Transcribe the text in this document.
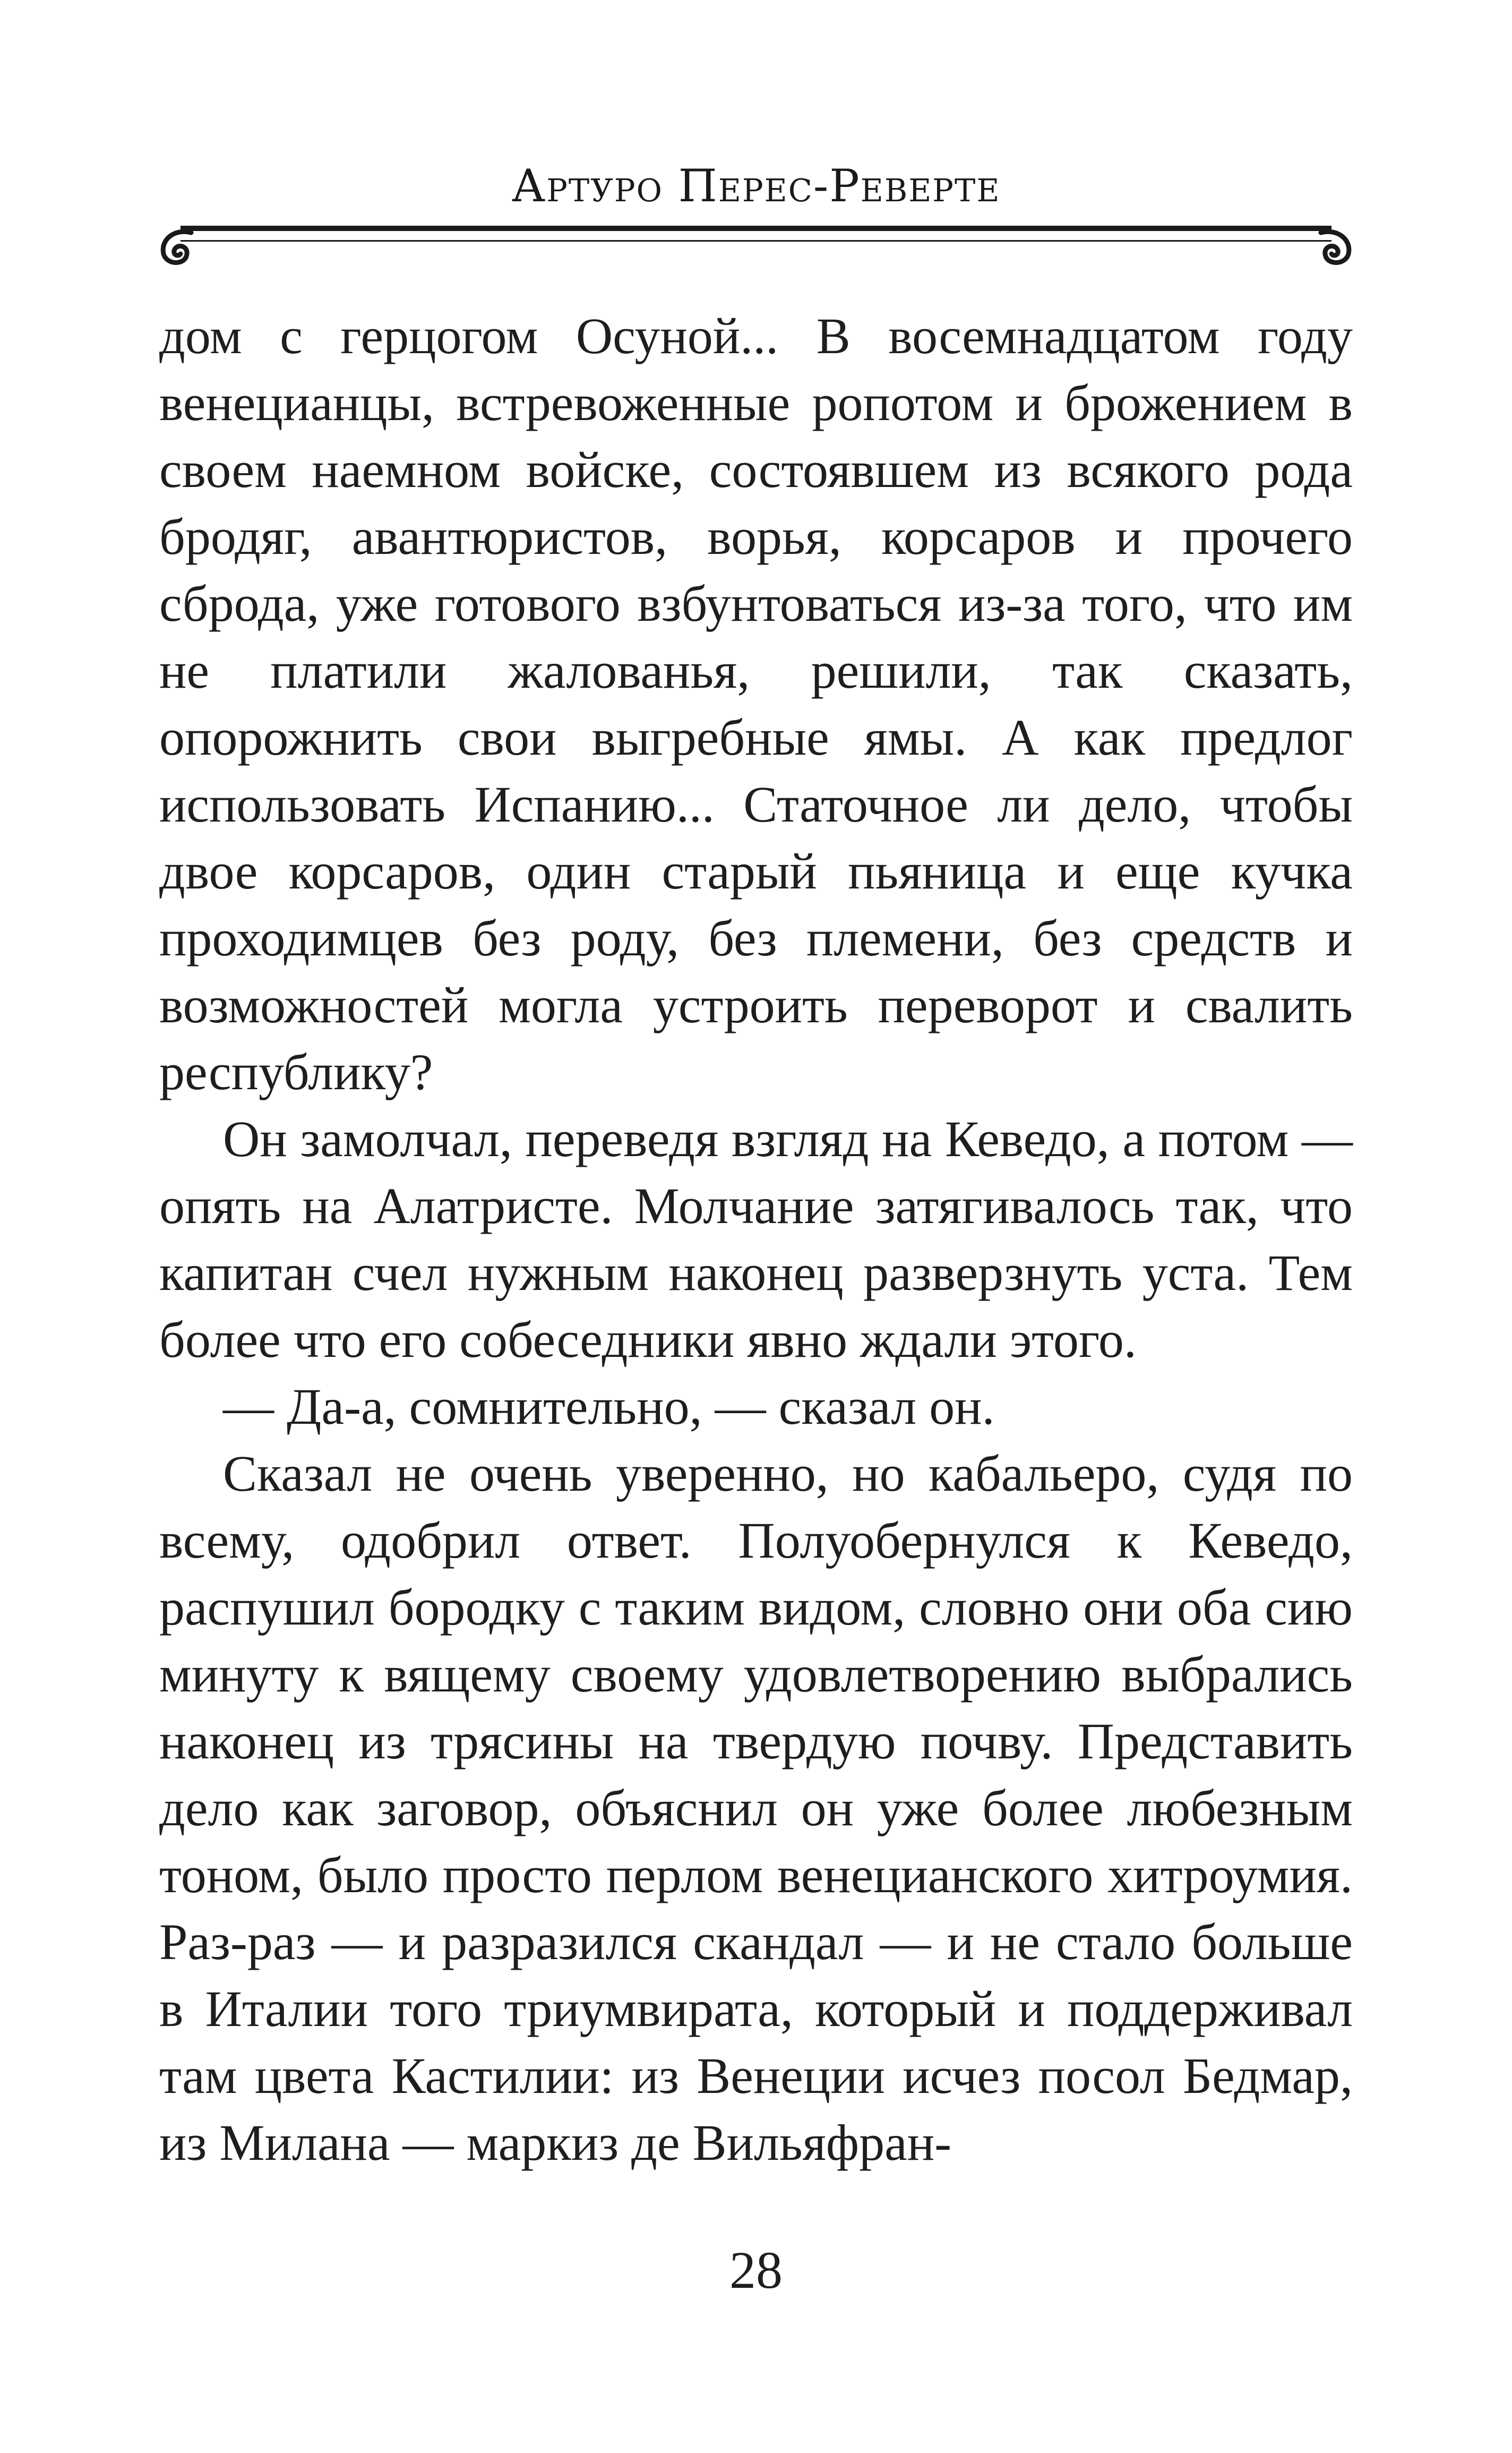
Артуро Перес-Реверте

дом с герцогом Осуной... В восемнадцатом году венецианцы, встревоженные ропотом и брожением в своем наемном войске, состоявшем из всякого рода бродяг, авантюристов, ворья, корсаров и прочего сброда, уже готового взбунтоваться из-за того, что им не платили жалованья, решили, так сказать, опорожнить свои выгребные ямы. А как предлог использовать Испанию... Статочное ли дело, чтобы двое корсаров, один старый пьяница и еще кучка проходимцев без роду, без племени, без средств и возможностей могла устроить переворот и свалить республику?

Он замолчал, переведя взгляд на Кеведо, а потом — опять на Алатристе. Молчание затягивалось так, что капитан счел нужным наконец разверзнуть уста. Тем более что его собеседники явно ждали этого.

— Да-а, сомнительно, — сказал он.

Сказал не очень уверенно, но кабальеро, судя по всему, одобрил ответ. Полуобернулся к Кеведо, распушил бородку с таким видом, словно они оба сию минуту к вящему своему удовлетворению выбрались наконец из трясины на твердую почву. Представить дело как заговор, объяснил он уже более любезным тоном, было просто перлом венецианского хитроумия. Раз-раз — и разразился скандал — и не стало больше в Италии того триумвирата, который и поддерживал там цвета Кастилии: из Венеции исчез посол Бедмар, из Милана — маркиз де Вильяфран-

28
